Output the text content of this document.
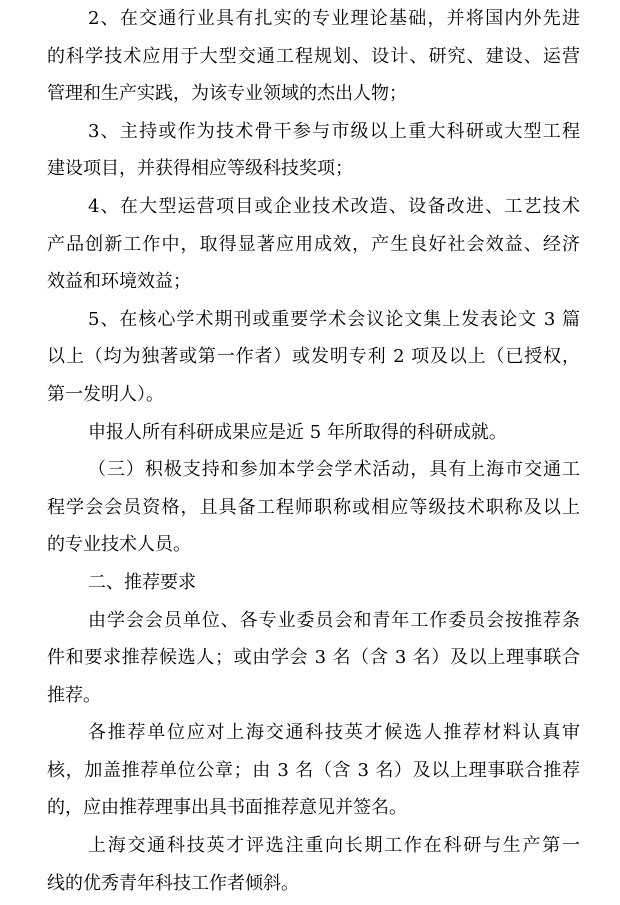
2、在交通行业具有扎实的专业理论基础，并将国内外先进
的科学技术应用于大型交通工程规划、设计、研究、建设、运营
管理和生产实践，为该专业领域的杰出人物；
3、主持或作为技术骨干参与市级以上重大科研或大型工程
建设项目，并获得相应等级科技奖项；
4、在大型运营项目或企业技术改造、设备改进、工艺技术
产品创新工作中，取得显著应用成效，产生良好社会效益、经济
效益和环境效益；
5、在核心学术期刊或重要学术会议论文集上发表论文 3 篇
以上（均为独著或第一作者）或发明专利 2 项及以上（已授权，
第一发明人）。
申报人所有科研成果应是近 5 年所取得的科研成就。
（三）积极支持和参加本学会学术活动，具有上海市交通工
程学会会员资格，且具备工程师职称或相应等级技术职称及以上
的专业技术人员。
二、推荐要求
由学会会员单位、各专业委员会和青年工作委员会按推荐条
件和要求推荐候选人；或由学会 3 名（含 3 名）及以上理事联合
推荐。
各推荐单位应对上海交通科技英才候选人推荐材料认真审
核，加盖推荐单位公章；由 3 名（含 3 名）及以上理事联合推荐
的，应由推荐理事出具书面推荐意见并签名。
上海交通科技英才评选注重向长期工作在科研与生产第一
线的优秀青年科技工作者倾斜。
